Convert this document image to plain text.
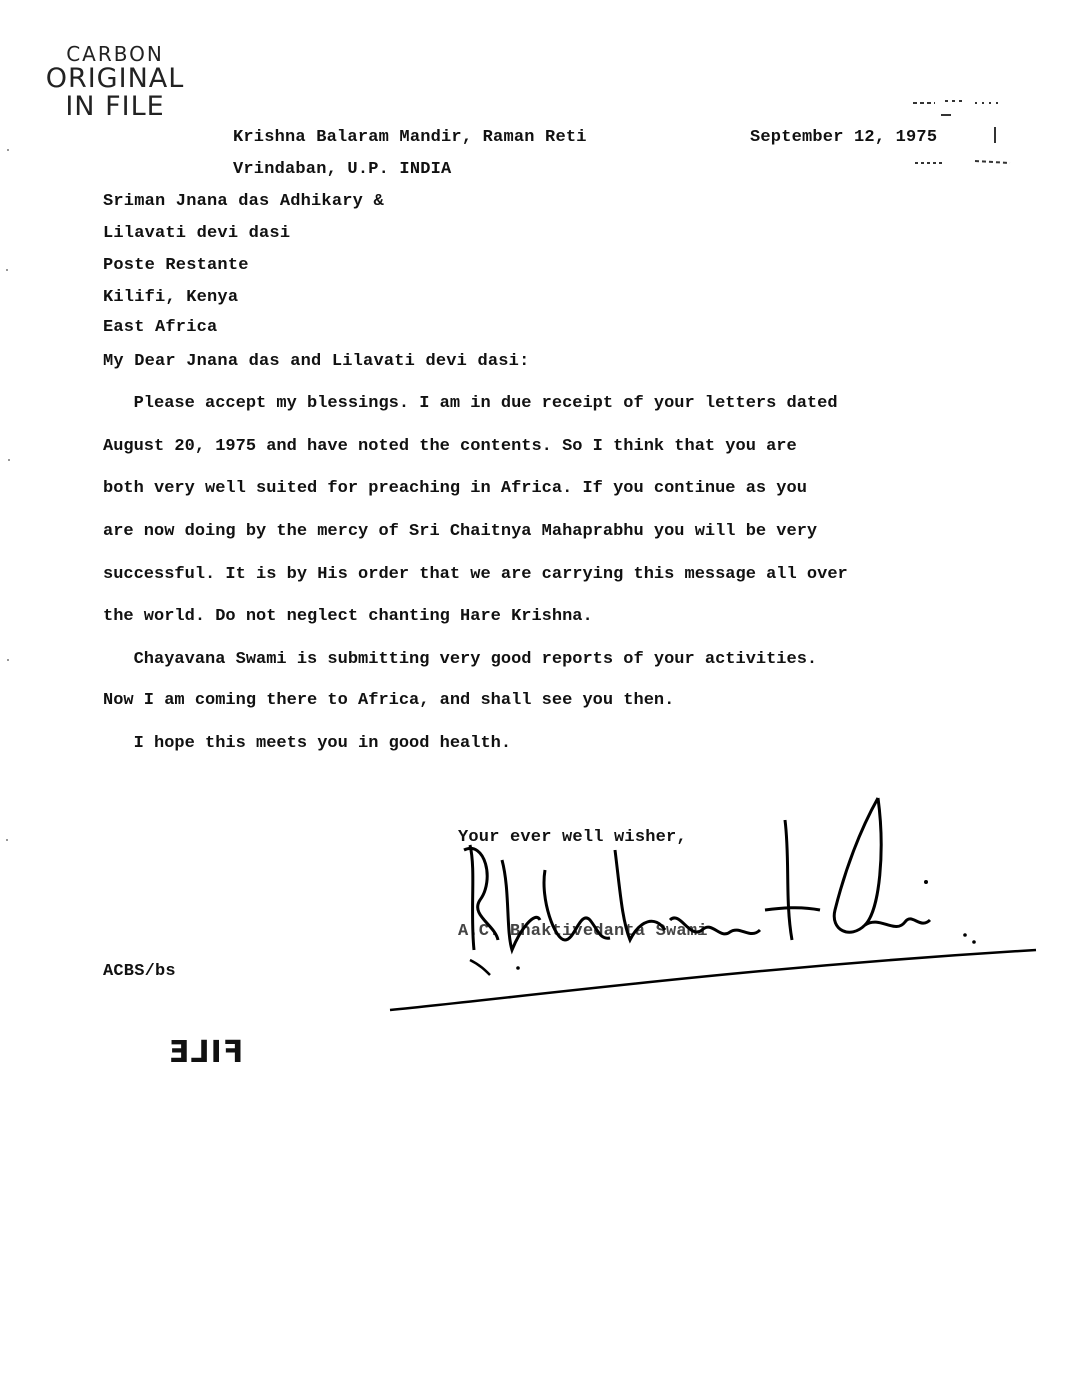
CARBON
ORIGINAL
IN FILE
Krishna Balaram Mandir, Raman Reti
Vrindaban, U.P. INDIA
September 12, 1975
Sriman Jnana das Adhikary &
Lilavati devi dasi
Poste Restante
Kilifi, Kenya
East Africa
My Dear Jnana das and Lilavati devi dasi:
Please accept my blessings. I am in due receipt of your letters dated
August 20, 1975 and have noted the contents. So I think that you are
both very well suited for preaching in Africa. If you continue as you
are now doing by the mercy of Sri Chaitnya Mahaprabhu you will be very
successful. It is by His order that we are carrying this message all over
the world. Do not neglect chanting Hare Krishna.
Chayavana Swami is submitting very good reports of your activities.
Now I am coming there to Africa, and shall see you then.
I hope this meets you in good health.
Your ever well wisher,
A.C. Bhaktivedanta Swami
ACBS/bs
FILE
